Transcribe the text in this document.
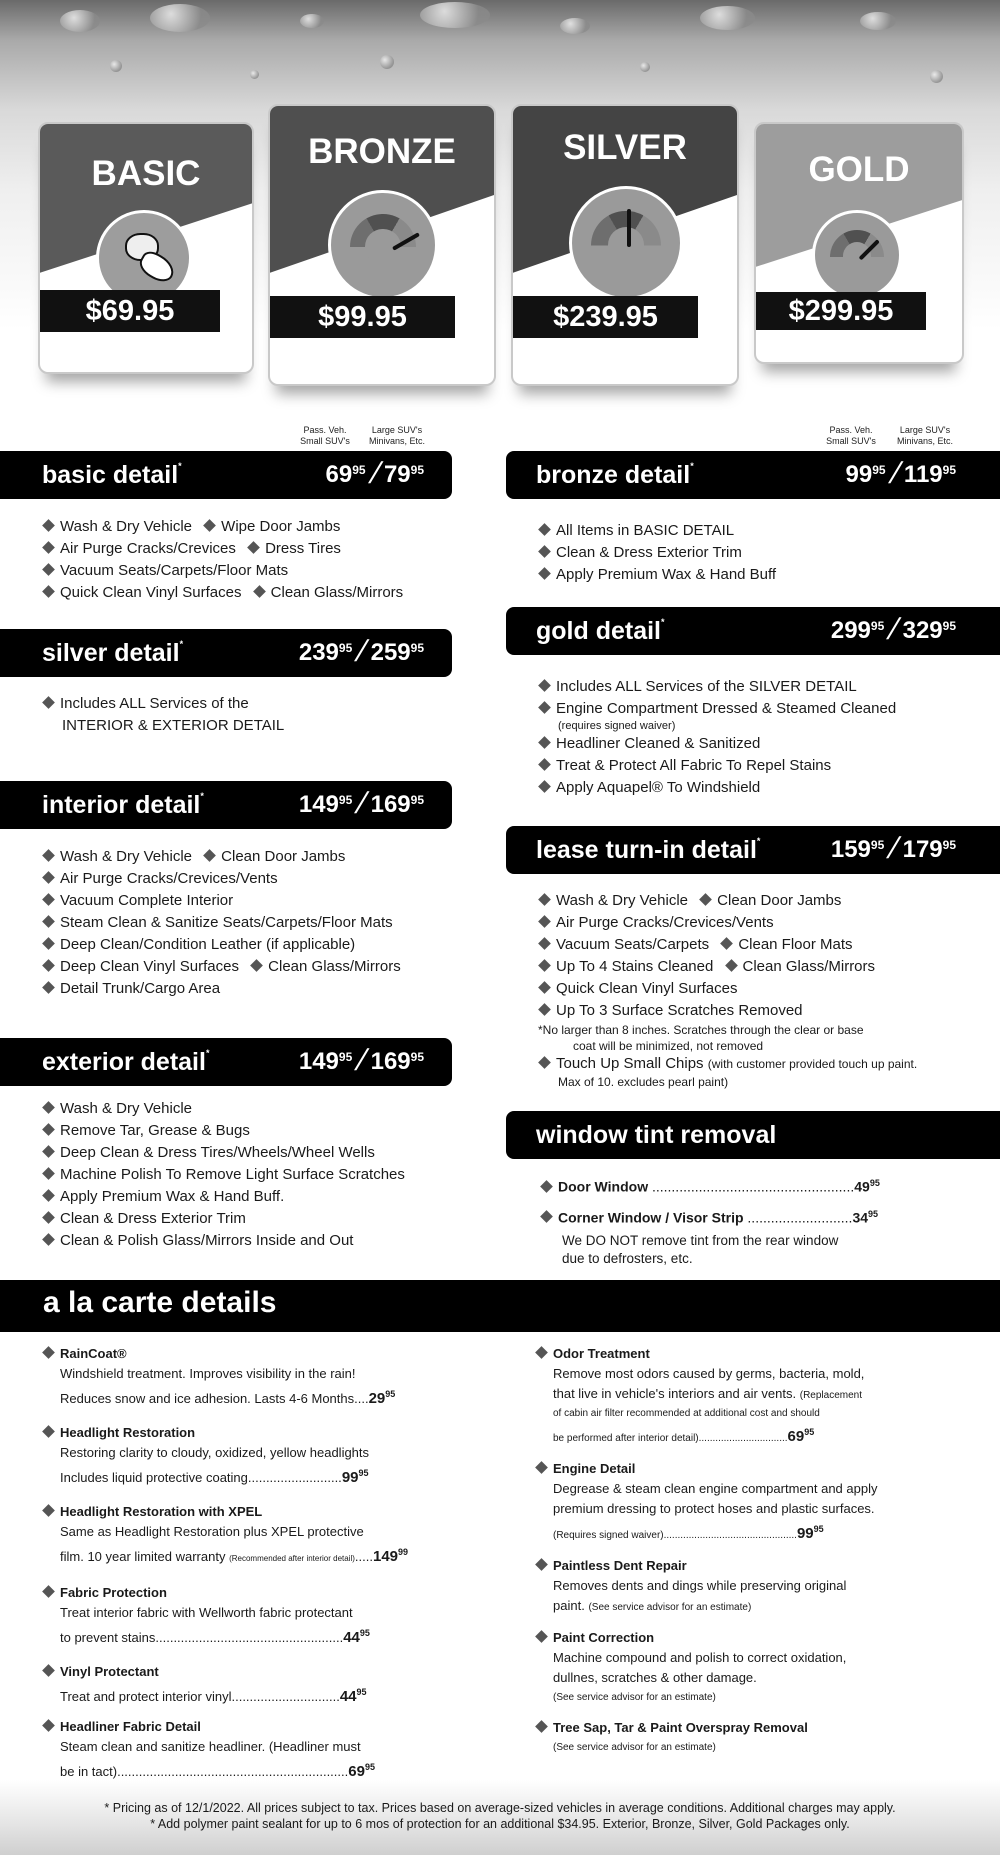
BASIC
$69.95
BRONZE
$99.95
SILVER
$239.95
GOLD
$299.95
Pass. Veh.
Small SUV's
Large SUV's
Minivans, Etc.
Pass. Veh.
Small SUV's
Large SUV's
Minivans, Etc.
basic detail*	$69^{95} / 79^{95}$
Wash & Dry Vehicle Wipe Door Jambs
Air Purge Cracks/Crevices Dress Tires
Vacuum Seats/Carpets/Floor Mats
Quick Clean Vinyl Surfaces Clean Glass/Mirrors
silver detail*	$239^{95} / 259^{95}$
Includes ALL Services of the
INTERIOR & EXTERIOR DETAIL
interior detail*	$149^{95} / 169^{95}$
Wash & Dry Vehicle Clean Door Jambs
Air Purge Cracks/Crevices/Vents
Vacuum Complete Interior
Steam Clean & Sanitize Seats/Carpets/Floor Mats
Deep Clean/Condition Leather (if applicable)
Deep Clean Vinyl Surfaces Clean Glass/Mirrors
Detail Trunk/Cargo Area
exterior detail*	$149^{95} / 169^{95}$
Wash & Dry Vehicle
Remove Tar, Grease & Bugs
Deep Clean & Dress Tires/Wheels/Wheel Wells
Machine Polish To Remove Light Surface Scratches
Apply Premium Wax & Hand Buff.
Clean & Dress Exterior Trim
Clean & Polish Glass/Mirrors Inside and Out
bronze detail*	$99^{95} / 119^{95}$
All Items in BASIC DETAIL
Clean & Dress Exterior Trim
Apply Premium Wax & Hand Buff
gold detail*	$299^{95} / 329^{95}$
Includes ALL Services of the SILVER DETAIL
Engine Compartment Dressed & Steamed Cleaned
(requires signed waiver)
Headliner Cleaned & Sanitized
Treat & Protect All Fabric To Repel Stains
Apply Aquapel® To Windshield
lease turn-in detail*	$159^{95} / 179^{95}$
Wash & Dry Vehicle Clean Door Jambs
Air Purge Cracks/Crevices/Vents
Vacuum Seats/Carpets Clean Floor Mats
Up To 4 Stains Cleaned Clean Glass/Mirrors
Quick Clean Vinyl Surfaces
Up To 3 Surface Scratches Removed
*No larger than 8 inches. Scratches through the clear or base
coat will be minimized, not removed
Touch Up Small Chips (with customer provided touch up paint.
Max of 10. excludes pearl paint)
window tint removal
Door Window ....................................................49$^{95}$
Corner Window / Visor Strip ...........................34$^{95}$
We DO NOT remove tint from the rear window
due to defrosters, etc.
a la carte details
RainCoat®
Windshield treatment. Improves visibility in the rain!
Reduces snow and ice adhesion. Lasts 4-6 Months....29$^{95}$
Headlight Restoration
Restoring clarity to cloudy, oxidized, yellow headlights
Includes liquid protective coating..........................99$^{95}$
Headlight Restoration with XPEL
Same as Headlight Restoration plus XPEL protective
film. 10 year limited warranty (Recommended after interior detail).....149$^{99}$
Fabric Protection
Treat interior fabric with Wellworth fabric protectant
to prevent stains....................................................44$^{95}$
Vinyl Protectant
Treat and protect interior vinyl..............................44$^{95}$
Headliner Fabric Detail
Steam clean and sanitize headliner. (Headliner must
be in tact)................................................................69$^{95}$
Odor Treatment
Remove most odors caused by germs, bacteria, mold,
that live in vehicle's interiors and air vents. (Replacement
of cabin air filter recommended at additional cost and should
be performed after interior detail)................................69$^{95}$
Engine Detail
Degrease & steam clean engine compartment and apply
premium dressing to protect hoses and plastic surfaces.
(Requires signed waiver)................................................99$^{95}$
Paintless Dent Repair
Removes dents and dings while preserving original
paint. (See service advisor for an estimate)
Paint Correction
Machine compound and polish to correct oxidation,
dullnes, scratches & other damage.
(See service advisor for an estimate)
Tree Sap, Tar & Paint Overspray Removal
(See service advisor for an estimate)
* Pricing as of 12/1/2022. All prices subject to tax. Prices based on average-sized vehicles in average conditions. Additional charges may apply.
* Add polymer paint sealant for up to 6 mos of protection for an additional $34.95. Exterior, Bronze, Silver, Gold Packages only.
